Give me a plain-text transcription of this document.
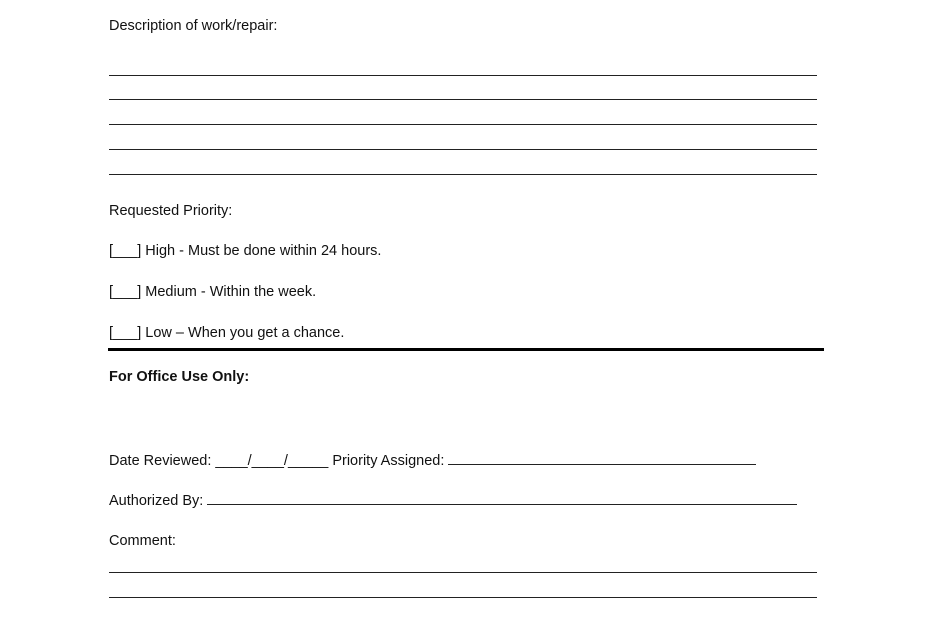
Description of work/repair:
Requested Priority:
[___] High - Must be done within 24 hours.
[___] Medium - Within the week.
[___] Low – When you get a chance.
For Office Use Only:
Date Reviewed: ____/____/_____ Priority Assigned:
Authorized By:
Comment:
